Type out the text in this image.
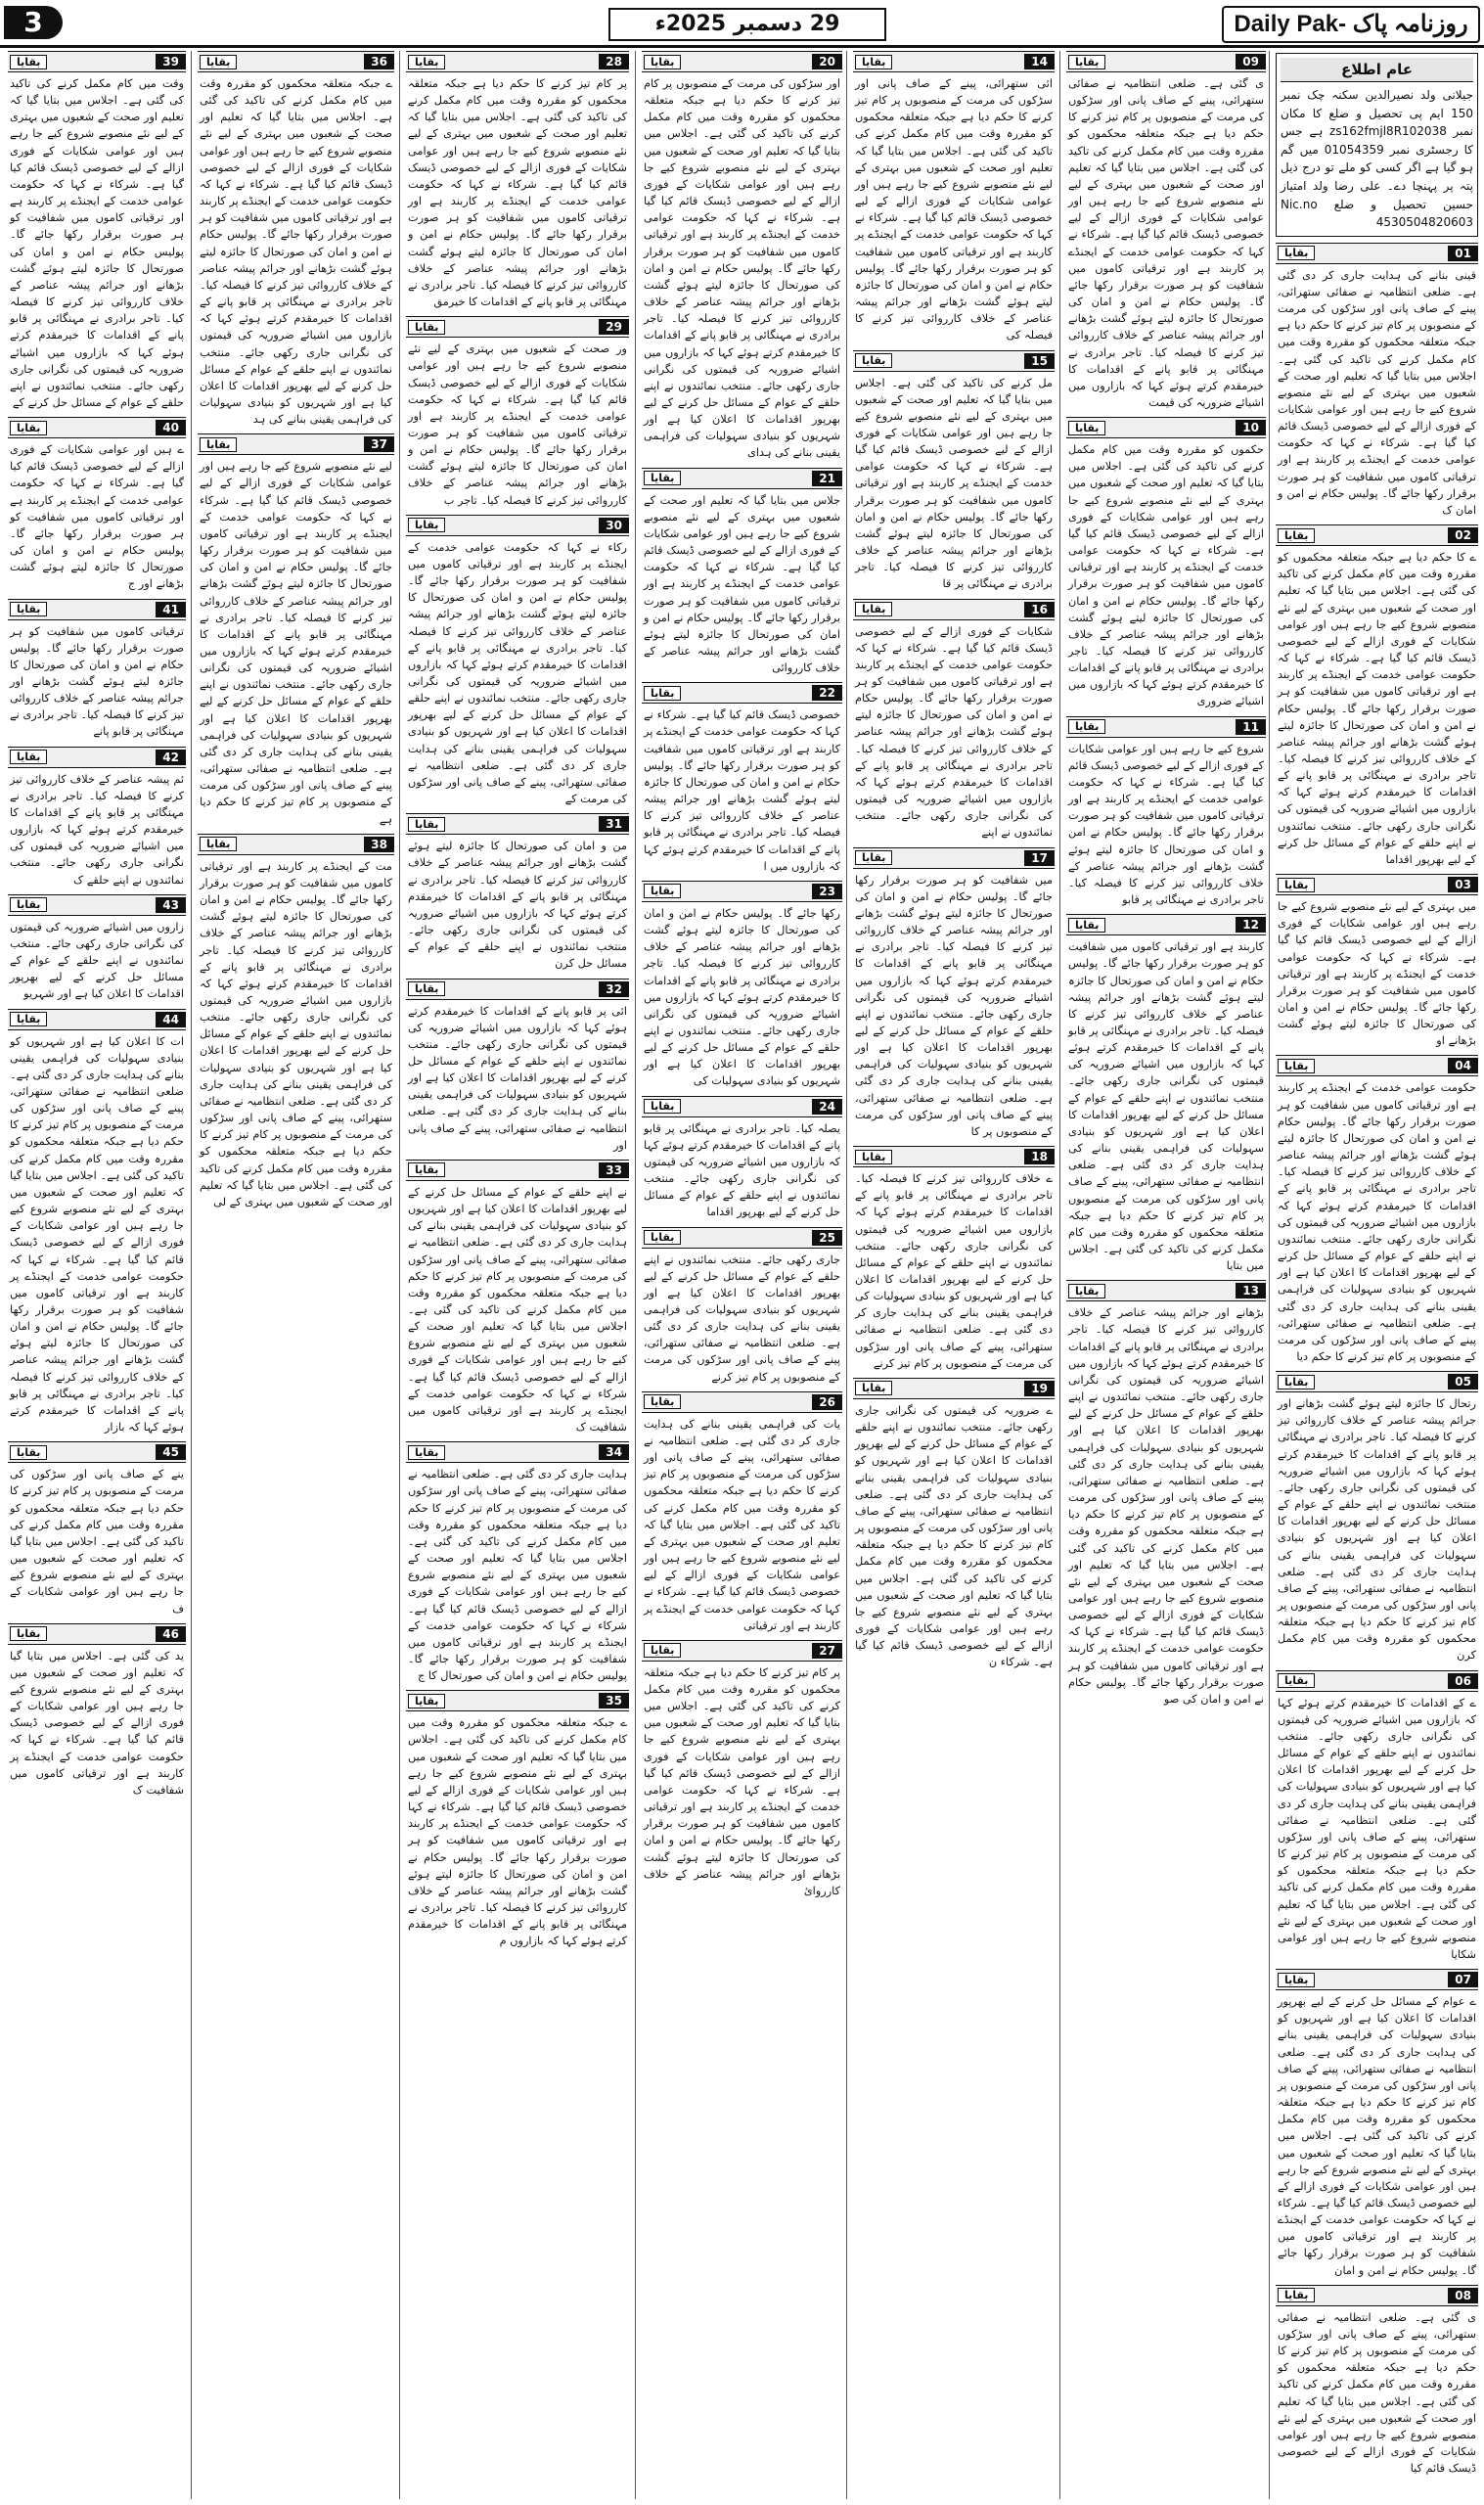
3	29 دسمبر 2025ء	Daily Pak- روزنامہ پاک
عام اطلاع
جیلانی ولد نصیرالدین سکنہ چک نمبر 150 ایم پی تحصیل و ضلع کا مکان نمبر zs162fmjl8R102038 ہے جس کا رجسٹری نمبر 01054359 میں گم ہو گیا ہے اگر کسی کو ملے تو درج ذیل پتہ پر پہنچا دے۔ علی رضا ولد امتیاز حسین تحصیل و ضلع Nic.no 4530504820603
01
بقایا
قینی بنانے کی ہدایت جاری کر دی گئی ہے۔ ضلعی انتظامیہ نے صفائی ستھرائی، پینے کے صاف پانی اور سڑکوں کی مرمت کے منصوبوں پر کام تیز کرنے کا حکم دیا ہے جبکہ متعلقہ محکموں کو مقررہ وقت میں کام مکمل کرنے کی تاکید کی گئی ہے۔ اجلاس میں بتایا گیا کہ تعلیم اور صحت کے شعبوں میں بہتری کے لیے نئے منصوبے شروع کیے جا رہے ہیں اور عوامی شکایات کے فوری ازالے کے لیے خصوصی ڈیسک قائم کیا گیا ہے۔ شرکاء نے کہا کہ حکومت عوامی خدمت کے ایجنڈے پر کاربند ہے اور ترقیاتی کاموں میں شفافیت کو ہر صورت برقرار رکھا جائے گا۔ پولیس حکام نے امن و امان ک
02
بقایا
ے کا حکم دیا ہے جبکہ متعلقہ محکموں کو مقررہ وقت میں کام مکمل کرنے کی تاکید کی گئی ہے۔ اجلاس میں بتایا گیا کہ تعلیم اور صحت کے شعبوں میں بہتری کے لیے نئے منصوبے شروع کیے جا رہے ہیں اور عوامی شکایات کے فوری ازالے کے لیے خصوصی ڈیسک قائم کیا گیا ہے۔ شرکاء نے کہا کہ حکومت عوامی خدمت کے ایجنڈے پر کاربند ہے اور ترقیاتی کاموں میں شفافیت کو ہر صورت برقرار رکھا جائے گا۔ پولیس حکام نے امن و امان کی صورتحال کا جائزہ لیتے ہوئے گشت بڑھانے اور جرائم پیشہ عناصر کے خلاف کارروائی تیز کرنے کا فیصلہ کیا۔ تاجر برادری نے مہنگائی پر قابو پانے کے اقدامات کا خیرمقدم کرتے ہوئے کہا کہ بازاروں میں اشیائے ضروریہ کی قیمتوں کی نگرانی جاری رکھی جائے۔ منتخب نمائندوں نے اپنے حلقے کے عوام کے مسائل حل کرنے کے لیے بھرپور اقداما
03
بقایا
میں بہتری کے لیے نئے منصوبے شروع کیے جا رہے ہیں اور عوامی شکایات کے فوری ازالے کے لیے خصوصی ڈیسک قائم کیا گیا ہے۔ شرکاء نے کہا کہ حکومت عوامی خدمت کے ایجنڈے پر کاربند ہے اور ترقیاتی کاموں میں شفافیت کو ہر صورت برقرار رکھا جائے گا۔ پولیس حکام نے امن و امان کی صورتحال کا جائزہ لیتے ہوئے گشت بڑھانے او
04
بقایا
حکومت عوامی خدمت کے ایجنڈے پر کاربند ہے اور ترقیاتی کاموں میں شفافیت کو ہر صورت برقرار رکھا جائے گا۔ پولیس حکام نے امن و امان کی صورتحال کا جائزہ لیتے ہوئے گشت بڑھانے اور جرائم پیشہ عناصر کے خلاف کارروائی تیز کرنے کا فیصلہ کیا۔ تاجر برادری نے مہنگائی پر قابو پانے کے اقدامات کا خیرمقدم کرتے ہوئے کہا کہ بازاروں میں اشیائے ضروریہ کی قیمتوں کی نگرانی جاری رکھی جائے۔ منتخب نمائندوں نے اپنے حلقے کے عوام کے مسائل حل کرنے کے لیے بھرپور اقدامات کا اعلان کیا ہے اور شہریوں کو بنیادی سہولیات کی فراہمی یقینی بنانے کی ہدایت جاری کر دی گئی ہے۔ ضلعی انتظامیہ نے صفائی ستھرائی، پینے کے صاف پانی اور سڑکوں کی مرمت کے منصوبوں پر کام تیز کرنے کا حکم دیا
05
بقایا
رتحال کا جائزہ لیتے ہوئے گشت بڑھانے اور جرائم پیشہ عناصر کے خلاف کارروائی تیز کرنے کا فیصلہ کیا۔ تاجر برادری نے مہنگائی پر قابو پانے کے اقدامات کا خیرمقدم کرتے ہوئے کہا کہ بازاروں میں اشیائے ضروریہ کی قیمتوں کی نگرانی جاری رکھی جائے۔ منتخب نمائندوں نے اپنے حلقے کے عوام کے مسائل حل کرنے کے لیے بھرپور اقدامات کا اعلان کیا ہے اور شہریوں کو بنیادی سہولیات کی فراہمی یقینی بنانے کی ہدایت جاری کر دی گئی ہے۔ ضلعی انتظامیہ نے صفائی ستھرائی، پینے کے صاف پانی اور سڑکوں کی مرمت کے منصوبوں پر کام تیز کرنے کا حکم دیا ہے جبکہ متعلقہ محکموں کو مقررہ وقت میں کام مکمل کرن
06
بقایا
ے کے اقدامات کا خیرمقدم کرتے ہوئے کہا کہ بازاروں میں اشیائے ضروریہ کی قیمتوں کی نگرانی جاری رکھی جائے۔ منتخب نمائندوں نے اپنے حلقے کے عوام کے مسائل حل کرنے کے لیے بھرپور اقدامات کا اعلان کیا ہے اور شہریوں کو بنیادی سہولیات کی فراہمی یقینی بنانے کی ہدایت جاری کر دی گئی ہے۔ ضلعی انتظامیہ نے صفائی ستھرائی، پینے کے صاف پانی اور سڑکوں کی مرمت کے منصوبوں پر کام تیز کرنے کا حکم دیا ہے جبکہ متعلقہ محکموں کو مقررہ وقت میں کام مکمل کرنے کی تاکید کی گئی ہے۔ اجلاس میں بتایا گیا کہ تعلیم اور صحت کے شعبوں میں بہتری کے لیے نئے منصوبے شروع کیے جا رہے ہیں اور عوامی شکایا
07
بقایا
ے عوام کے مسائل حل کرنے کے لیے بھرپور اقدامات کا اعلان کیا ہے اور شہریوں کو بنیادی سہولیات کی فراہمی یقینی بنانے کی ہدایت جاری کر دی گئی ہے۔ ضلعی انتظامیہ نے صفائی ستھرائی، پینے کے صاف پانی اور سڑکوں کی مرمت کے منصوبوں پر کام تیز کرنے کا حکم دیا ہے جبکہ متعلقہ محکموں کو مقررہ وقت میں کام مکمل کرنے کی تاکید کی گئی ہے۔ اجلاس میں بتایا گیا کہ تعلیم اور صحت کے شعبوں میں بہتری کے لیے نئے منصوبے شروع کیے جا رہے ہیں اور عوامی شکایات کے فوری ازالے کے لیے خصوصی ڈیسک قائم کیا گیا ہے۔ شرکاء نے کہا کہ حکومت عوامی خدمت کے ایجنڈے پر کاربند ہے اور ترقیاتی کاموں میں شفافیت کو ہر صورت برقرار رکھا جائے گا۔ پولیس حکام نے امن و امان
08
بقایا
ی گئی ہے۔ ضلعی انتظامیہ نے صفائی ستھرائی، پینے کے صاف پانی اور سڑکوں کی مرمت کے منصوبوں پر کام تیز کرنے کا حکم دیا ہے جبکہ متعلقہ محکموں کو مقررہ وقت میں کام مکمل کرنے کی تاکید کی گئی ہے۔ اجلاس میں بتایا گیا کہ تعلیم اور صحت کے شعبوں میں بہتری کے لیے نئے منصوبے شروع کیے جا رہے ہیں اور عوامی شکایات کے فوری ازالے کے لیے خصوصی ڈیسک قائم کیا
09
بقایا
ی گئی ہے۔ ضلعی انتظامیہ نے صفائی ستھرائی، پینے کے صاف پانی اور سڑکوں کی مرمت کے منصوبوں پر کام تیز کرنے کا حکم دیا ہے جبکہ متعلقہ محکموں کو مقررہ وقت میں کام مکمل کرنے کی تاکید کی گئی ہے۔ اجلاس میں بتایا گیا کہ تعلیم اور صحت کے شعبوں میں بہتری کے لیے نئے منصوبے شروع کیے جا رہے ہیں اور عوامی شکایات کے فوری ازالے کے لیے خصوصی ڈیسک قائم کیا گیا ہے۔ شرکاء نے کہا کہ حکومت عوامی خدمت کے ایجنڈے پر کاربند ہے اور ترقیاتی کاموں میں شفافیت کو ہر صورت برقرار رکھا جائے گا۔ پولیس حکام نے امن و امان کی صورتحال کا جائزہ لیتے ہوئے گشت بڑھانے اور جرائم پیشہ عناصر کے خلاف کارروائی تیز کرنے کا فیصلہ کیا۔ تاجر برادری نے مہنگائی پر قابو پانے کے اقدامات کا خیرمقدم کرتے ہوئے کہا کہ بازاروں میں اشیائے ضروریہ کی قیمت
10
بقایا
حکموں کو مقررہ وقت میں کام مکمل کرنے کی تاکید کی گئی ہے۔ اجلاس میں بتایا گیا کہ تعلیم اور صحت کے شعبوں میں بہتری کے لیے نئے منصوبے شروع کیے جا رہے ہیں اور عوامی شکایات کے فوری ازالے کے لیے خصوصی ڈیسک قائم کیا گیا ہے۔ شرکاء نے کہا کہ حکومت عوامی خدمت کے ایجنڈے پر کاربند ہے اور ترقیاتی کاموں میں شفافیت کو ہر صورت برقرار رکھا جائے گا۔ پولیس حکام نے امن و امان کی صورتحال کا جائزہ لیتے ہوئے گشت بڑھانے اور جرائم پیشہ عناصر کے خلاف کارروائی تیز کرنے کا فیصلہ کیا۔ تاجر برادری نے مہنگائی پر قابو پانے کے اقدامات کا خیرمقدم کرتے ہوئے کہا کہ بازاروں میں اشیائے ضروری
11
بقایا
شروع کیے جا رہے ہیں اور عوامی شکایات کے فوری ازالے کے لیے خصوصی ڈیسک قائم کیا گیا ہے۔ شرکاء نے کہا کہ حکومت عوامی خدمت کے ایجنڈے پر کاربند ہے اور ترقیاتی کاموں میں شفافیت کو ہر صورت برقرار رکھا جائے گا۔ پولیس حکام نے امن و امان کی صورتحال کا جائزہ لیتے ہوئے گشت بڑھانے اور جرائم پیشہ عناصر کے خلاف کارروائی تیز کرنے کا فیصلہ کیا۔ تاجر برادری نے مہنگائی پر قابو
12
بقایا
کاربند ہے اور ترقیاتی کاموں میں شفافیت کو ہر صورت برقرار رکھا جائے گا۔ پولیس حکام نے امن و امان کی صورتحال کا جائزہ لیتے ہوئے گشت بڑھانے اور جرائم پیشہ عناصر کے خلاف کارروائی تیز کرنے کا فیصلہ کیا۔ تاجر برادری نے مہنگائی پر قابو پانے کے اقدامات کا خیرمقدم کرتے ہوئے کہا کہ بازاروں میں اشیائے ضروریہ کی قیمتوں کی نگرانی جاری رکھی جائے۔ منتخب نمائندوں نے اپنے حلقے کے عوام کے مسائل حل کرنے کے لیے بھرپور اقدامات کا اعلان کیا ہے اور شہریوں کو بنیادی سہولیات کی فراہمی یقینی بنانے کی ہدایت جاری کر دی گئی ہے۔ ضلعی انتظامیہ نے صفائی ستھرائی، پینے کے صاف پانی اور سڑکوں کی مرمت کے منصوبوں پر کام تیز کرنے کا حکم دیا ہے جبکہ متعلقہ محکموں کو مقررہ وقت میں کام مکمل کرنے کی تاکید کی گئی ہے۔ اجلاس میں بتایا
13
بقایا
بڑھانے اور جرائم پیشہ عناصر کے خلاف کارروائی تیز کرنے کا فیصلہ کیا۔ تاجر برادری نے مہنگائی پر قابو پانے کے اقدامات کا خیرمقدم کرتے ہوئے کہا کہ بازاروں میں اشیائے ضروریہ کی قیمتوں کی نگرانی جاری رکھی جائے۔ منتخب نمائندوں نے اپنے حلقے کے عوام کے مسائل حل کرنے کے لیے بھرپور اقدامات کا اعلان کیا ہے اور شہریوں کو بنیادی سہولیات کی فراہمی یقینی بنانے کی ہدایت جاری کر دی گئی ہے۔ ضلعی انتظامیہ نے صفائی ستھرائی، پینے کے صاف پانی اور سڑکوں کی مرمت کے منصوبوں پر کام تیز کرنے کا حکم دیا ہے جبکہ متعلقہ محکموں کو مقررہ وقت میں کام مکمل کرنے کی تاکید کی گئی ہے۔ اجلاس میں بتایا گیا کہ تعلیم اور صحت کے شعبوں میں بہتری کے لیے نئے منصوبے شروع کیے جا رہے ہیں اور عوامی شکایات کے فوری ازالے کے لیے خصوصی ڈیسک قائم کیا گیا ہے۔ شرکاء نے کہا کہ حکومت عوامی خدمت کے ایجنڈے پر کاربند ہے اور ترقیاتی کاموں میں شفافیت کو ہر صورت برقرار رکھا جائے گا۔ پولیس حکام نے امن و امان کی صو
14
بقایا
ائی ستھرائی، پینے کے صاف پانی اور سڑکوں کی مرمت کے منصوبوں پر کام تیز کرنے کا حکم دیا ہے جبکہ متعلقہ محکموں کو مقررہ وقت میں کام مکمل کرنے کی تاکید کی گئی ہے۔ اجلاس میں بتایا گیا کہ تعلیم اور صحت کے شعبوں میں بہتری کے لیے نئے منصوبے شروع کیے جا رہے ہیں اور عوامی شکایات کے فوری ازالے کے لیے خصوصی ڈیسک قائم کیا گیا ہے۔ شرکاء نے کہا کہ حکومت عوامی خدمت کے ایجنڈے پر کاربند ہے اور ترقیاتی کاموں میں شفافیت کو ہر صورت برقرار رکھا جائے گا۔ پولیس حکام نے امن و امان کی صورتحال کا جائزہ لیتے ہوئے گشت بڑھانے اور جرائم پیشہ عناصر کے خلاف کارروائی تیز کرنے کا فیصلہ کی
15
بقایا
مل کرنے کی تاکید کی گئی ہے۔ اجلاس میں بتایا گیا کہ تعلیم اور صحت کے شعبوں میں بہتری کے لیے نئے منصوبے شروع کیے جا رہے ہیں اور عوامی شکایات کے فوری ازالے کے لیے خصوصی ڈیسک قائم کیا گیا ہے۔ شرکاء نے کہا کہ حکومت عوامی خدمت کے ایجنڈے پر کاربند ہے اور ترقیاتی کاموں میں شفافیت کو ہر صورت برقرار رکھا جائے گا۔ پولیس حکام نے امن و امان کی صورتحال کا جائزہ لیتے ہوئے گشت بڑھانے اور جرائم پیشہ عناصر کے خلاف کارروائی تیز کرنے کا فیصلہ کیا۔ تاجر برادری نے مہنگائی پر قا
16
بقایا
شکایات کے فوری ازالے کے لیے خصوصی ڈیسک قائم کیا گیا ہے۔ شرکاء نے کہا کہ حکومت عوامی خدمت کے ایجنڈے پر کاربند ہے اور ترقیاتی کاموں میں شفافیت کو ہر صورت برقرار رکھا جائے گا۔ پولیس حکام نے امن و امان کی صورتحال کا جائزہ لیتے ہوئے گشت بڑھانے اور جرائم پیشہ عناصر کے خلاف کارروائی تیز کرنے کا فیصلہ کیا۔ تاجر برادری نے مہنگائی پر قابو پانے کے اقدامات کا خیرمقدم کرتے ہوئے کہا کہ بازاروں میں اشیائے ضروریہ کی قیمتوں کی نگرانی جاری رکھی جائے۔ منتخب نمائندوں نے اپنے
17
بقایا
میں شفافیت کو ہر صورت برقرار رکھا جائے گا۔ پولیس حکام نے امن و امان کی صورتحال کا جائزہ لیتے ہوئے گشت بڑھانے اور جرائم پیشہ عناصر کے خلاف کارروائی تیز کرنے کا فیصلہ کیا۔ تاجر برادری نے مہنگائی پر قابو پانے کے اقدامات کا خیرمقدم کرتے ہوئے کہا کہ بازاروں میں اشیائے ضروریہ کی قیمتوں کی نگرانی جاری رکھی جائے۔ منتخب نمائندوں نے اپنے حلقے کے عوام کے مسائل حل کرنے کے لیے بھرپور اقدامات کا اعلان کیا ہے اور شہریوں کو بنیادی سہولیات کی فراہمی یقینی بنانے کی ہدایت جاری کر دی گئی ہے۔ ضلعی انتظامیہ نے صفائی ستھرائی، پینے کے صاف پانی اور سڑکوں کی مرمت کے منصوبوں پر کا
18
بقایا
ے خلاف کارروائی تیز کرنے کا فیصلہ کیا۔ تاجر برادری نے مہنگائی پر قابو پانے کے اقدامات کا خیرمقدم کرتے ہوئے کہا کہ بازاروں میں اشیائے ضروریہ کی قیمتوں کی نگرانی جاری رکھی جائے۔ منتخب نمائندوں نے اپنے حلقے کے عوام کے مسائل حل کرنے کے لیے بھرپور اقدامات کا اعلان کیا ہے اور شہریوں کو بنیادی سہولیات کی فراہمی یقینی بنانے کی ہدایت جاری کر دی گئی ہے۔ ضلعی انتظامیہ نے صفائی ستھرائی، پینے کے صاف پانی اور سڑکوں کی مرمت کے منصوبوں پر کام تیز کرنے
19
بقایا
ے ضروریہ کی قیمتوں کی نگرانی جاری رکھی جائے۔ منتخب نمائندوں نے اپنے حلقے کے عوام کے مسائل حل کرنے کے لیے بھرپور اقدامات کا اعلان کیا ہے اور شہریوں کو بنیادی سہولیات کی فراہمی یقینی بنانے کی ہدایت جاری کر دی گئی ہے۔ ضلعی انتظامیہ نے صفائی ستھرائی، پینے کے صاف پانی اور سڑکوں کی مرمت کے منصوبوں پر کام تیز کرنے کا حکم دیا ہے جبکہ متعلقہ محکموں کو مقررہ وقت میں کام مکمل کرنے کی تاکید کی گئی ہے۔ اجلاس میں بتایا گیا کہ تعلیم اور صحت کے شعبوں میں بہتری کے لیے نئے منصوبے شروع کیے جا رہے ہیں اور عوامی شکایات کے فوری ازالے کے لیے خصوصی ڈیسک قائم کیا گیا ہے۔ شرکاء ن
20
بقایا
اور سڑکوں کی مرمت کے منصوبوں پر کام تیز کرنے کا حکم دیا ہے جبکہ متعلقہ محکموں کو مقررہ وقت میں کام مکمل کرنے کی تاکید کی گئی ہے۔ اجلاس میں بتایا گیا کہ تعلیم اور صحت کے شعبوں میں بہتری کے لیے نئے منصوبے شروع کیے جا رہے ہیں اور عوامی شکایات کے فوری ازالے کے لیے خصوصی ڈیسک قائم کیا گیا ہے۔ شرکاء نے کہا کہ حکومت عوامی خدمت کے ایجنڈے پر کاربند ہے اور ترقیاتی کاموں میں شفافیت کو ہر صورت برقرار رکھا جائے گا۔ پولیس حکام نے امن و امان کی صورتحال کا جائزہ لیتے ہوئے گشت بڑھانے اور جرائم پیشہ عناصر کے خلاف کارروائی تیز کرنے کا فیصلہ کیا۔ تاجر برادری نے مہنگائی پر قابو پانے کے اقدامات کا خیرمقدم کرتے ہوئے کہا کہ بازاروں میں اشیائے ضروریہ کی قیمتوں کی نگرانی جاری رکھی جائے۔ منتخب نمائندوں نے اپنے حلقے کے عوام کے مسائل حل کرنے کے لیے بھرپور اقدامات کا اعلان کیا ہے اور شہریوں کو بنیادی سہولیات کی فراہمی یقینی بنانے کی ہدای
21
بقایا
جلاس میں بتایا گیا کہ تعلیم اور صحت کے شعبوں میں بہتری کے لیے نئے منصوبے شروع کیے جا رہے ہیں اور عوامی شکایات کے فوری ازالے کے لیے خصوصی ڈیسک قائم کیا گیا ہے۔ شرکاء نے کہا کہ حکومت عوامی خدمت کے ایجنڈے پر کاربند ہے اور ترقیاتی کاموں میں شفافیت کو ہر صورت برقرار رکھا جائے گا۔ پولیس حکام نے امن و امان کی صورتحال کا جائزہ لیتے ہوئے گشت بڑھانے اور جرائم پیشہ عناصر کے خلاف کارروائی
22
بقایا
خصوصی ڈیسک قائم کیا گیا ہے۔ شرکاء نے کہا کہ حکومت عوامی خدمت کے ایجنڈے پر کاربند ہے اور ترقیاتی کاموں میں شفافیت کو ہر صورت برقرار رکھا جائے گا۔ پولیس حکام نے امن و امان کی صورتحال کا جائزہ لیتے ہوئے گشت بڑھانے اور جرائم پیشہ عناصر کے خلاف کارروائی تیز کرنے کا فیصلہ کیا۔ تاجر برادری نے مہنگائی پر قابو پانے کے اقدامات کا خیرمقدم کرتے ہوئے کہا کہ بازاروں میں ا
23
بقایا
رکھا جائے گا۔ پولیس حکام نے امن و امان کی صورتحال کا جائزہ لیتے ہوئے گشت بڑھانے اور جرائم پیشہ عناصر کے خلاف کارروائی تیز کرنے کا فیصلہ کیا۔ تاجر برادری نے مہنگائی پر قابو پانے کے اقدامات کا خیرمقدم کرتے ہوئے کہا کہ بازاروں میں اشیائے ضروریہ کی قیمتوں کی نگرانی جاری رکھی جائے۔ منتخب نمائندوں نے اپنے حلقے کے عوام کے مسائل حل کرنے کے لیے بھرپور اقدامات کا اعلان کیا ہے اور شہریوں کو بنیادی سہولیات کی
24
بقایا
یصلہ کیا۔ تاجر برادری نے مہنگائی پر قابو پانے کے اقدامات کا خیرمقدم کرتے ہوئے کہا کہ بازاروں میں اشیائے ضروریہ کی قیمتوں کی نگرانی جاری رکھی جائے۔ منتخب نمائندوں نے اپنے حلقے کے عوام کے مسائل حل کرنے کے لیے بھرپور اقداما
25
بقایا
جاری رکھی جائے۔ منتخب نمائندوں نے اپنے حلقے کے عوام کے مسائل حل کرنے کے لیے بھرپور اقدامات کا اعلان کیا ہے اور شہریوں کو بنیادی سہولیات کی فراہمی یقینی بنانے کی ہدایت جاری کر دی گئی ہے۔ ضلعی انتظامیہ نے صفائی ستھرائی، پینے کے صاف پانی اور سڑکوں کی مرمت کے منصوبوں پر کام تیز کرنے
26
بقایا
یات کی فراہمی یقینی بنانے کی ہدایت جاری کر دی گئی ہے۔ ضلعی انتظامیہ نے صفائی ستھرائی، پینے کے صاف پانی اور سڑکوں کی مرمت کے منصوبوں پر کام تیز کرنے کا حکم دیا ہے جبکہ متعلقہ محکموں کو مقررہ وقت میں کام مکمل کرنے کی تاکید کی گئی ہے۔ اجلاس میں بتایا گیا کہ تعلیم اور صحت کے شعبوں میں بہتری کے لیے نئے منصوبے شروع کیے جا رہے ہیں اور عوامی شکایات کے فوری ازالے کے لیے خصوصی ڈیسک قائم کیا گیا ہے۔ شرکاء نے کہا کہ حکومت عوامی خدمت کے ایجنڈے پر کاربند ہے اور ترقیاتی
27
بقایا
پر کام تیز کرنے کا حکم دیا ہے جبکہ متعلقہ محکموں کو مقررہ وقت میں کام مکمل کرنے کی تاکید کی گئی ہے۔ اجلاس میں بتایا گیا کہ تعلیم اور صحت کے شعبوں میں بہتری کے لیے نئے منصوبے شروع کیے جا رہے ہیں اور عوامی شکایات کے فوری ازالے کے لیے خصوصی ڈیسک قائم کیا گیا ہے۔ شرکاء نے کہا کہ حکومت عوامی خدمت کے ایجنڈے پر کاربند ہے اور ترقیاتی کاموں میں شفافیت کو ہر صورت برقرار رکھا جائے گا۔ پولیس حکام نے امن و امان کی صورتحال کا جائزہ لیتے ہوئے گشت بڑھانے اور جرائم پیشہ عناصر کے خلاف کارروائ
28
بقایا
پر کام تیز کرنے کا حکم دیا ہے جبکہ متعلقہ محکموں کو مقررہ وقت میں کام مکمل کرنے کی تاکید کی گئی ہے۔ اجلاس میں بتایا گیا کہ تعلیم اور صحت کے شعبوں میں بہتری کے لیے نئے منصوبے شروع کیے جا رہے ہیں اور عوامی شکایات کے فوری ازالے کے لیے خصوصی ڈیسک قائم کیا گیا ہے۔ شرکاء نے کہا کہ حکومت عوامی خدمت کے ایجنڈے پر کاربند ہے اور ترقیاتی کاموں میں شفافیت کو ہر صورت برقرار رکھا جائے گا۔ پولیس حکام نے امن و امان کی صورتحال کا جائزہ لیتے ہوئے گشت بڑھانے اور جرائم پیشہ عناصر کے خلاف کارروائی تیز کرنے کا فیصلہ کیا۔ تاجر برادری نے مہنگائی پر قابو پانے کے اقدامات کا خیرمق
29
بقایا
ور صحت کے شعبوں میں بہتری کے لیے نئے منصوبے شروع کیے جا رہے ہیں اور عوامی شکایات کے فوری ازالے کے لیے خصوصی ڈیسک قائم کیا گیا ہے۔ شرکاء نے کہا کہ حکومت عوامی خدمت کے ایجنڈے پر کاربند ہے اور ترقیاتی کاموں میں شفافیت کو ہر صورت برقرار رکھا جائے گا۔ پولیس حکام نے امن و امان کی صورتحال کا جائزہ لیتے ہوئے گشت بڑھانے اور جرائم پیشہ عناصر کے خلاف کارروائی تیز کرنے کا فیصلہ کیا۔ تاجر ب
30
بقایا
رکاء نے کہا کہ حکومت عوامی خدمت کے ایجنڈے پر کاربند ہے اور ترقیاتی کاموں میں شفافیت کو ہر صورت برقرار رکھا جائے گا۔ پولیس حکام نے امن و امان کی صورتحال کا جائزہ لیتے ہوئے گشت بڑھانے اور جرائم پیشہ عناصر کے خلاف کارروائی تیز کرنے کا فیصلہ کیا۔ تاجر برادری نے مہنگائی پر قابو پانے کے اقدامات کا خیرمقدم کرتے ہوئے کہا کہ بازاروں میں اشیائے ضروریہ کی قیمتوں کی نگرانی جاری رکھی جائے۔ منتخب نمائندوں نے اپنے حلقے کے عوام کے مسائل حل کرنے کے لیے بھرپور اقدامات کا اعلان کیا ہے اور شہریوں کو بنیادی سہولیات کی فراہمی یقینی بنانے کی ہدایت جاری کر دی گئی ہے۔ ضلعی انتظامیہ نے صفائی ستھرائی، پینے کے صاف پانی اور سڑکوں کی مرمت کے
31
بقایا
من و امان کی صورتحال کا جائزہ لیتے ہوئے گشت بڑھانے اور جرائم پیشہ عناصر کے خلاف کارروائی تیز کرنے کا فیصلہ کیا۔ تاجر برادری نے مہنگائی پر قابو پانے کے اقدامات کا خیرمقدم کرتے ہوئے کہا کہ بازاروں میں اشیائے ضروریہ کی قیمتوں کی نگرانی جاری رکھی جائے۔ منتخب نمائندوں نے اپنے حلقے کے عوام کے مسائل حل کرن
32
بقایا
ائی پر قابو پانے کے اقدامات کا خیرمقدم کرتے ہوئے کہا کہ بازاروں میں اشیائے ضروریہ کی قیمتوں کی نگرانی جاری رکھی جائے۔ منتخب نمائندوں نے اپنے حلقے کے عوام کے مسائل حل کرنے کے لیے بھرپور اقدامات کا اعلان کیا ہے اور شہریوں کو بنیادی سہولیات کی فراہمی یقینی بنانے کی ہدایت جاری کر دی گئی ہے۔ ضلعی انتظامیہ نے صفائی ستھرائی، پینے کے صاف پانی اور
33
بقایا
نے اپنے حلقے کے عوام کے مسائل حل کرنے کے لیے بھرپور اقدامات کا اعلان کیا ہے اور شہریوں کو بنیادی سہولیات کی فراہمی یقینی بنانے کی ہدایت جاری کر دی گئی ہے۔ ضلعی انتظامیہ نے صفائی ستھرائی، پینے کے صاف پانی اور سڑکوں کی مرمت کے منصوبوں پر کام تیز کرنے کا حکم دیا ہے جبکہ متعلقہ محکموں کو مقررہ وقت میں کام مکمل کرنے کی تاکید کی گئی ہے۔ اجلاس میں بتایا گیا کہ تعلیم اور صحت کے شعبوں میں بہتری کے لیے نئے منصوبے شروع کیے جا رہے ہیں اور عوامی شکایات کے فوری ازالے کے لیے خصوصی ڈیسک قائم کیا گیا ہے۔ شرکاء نے کہا کہ حکومت عوامی خدمت کے ایجنڈے پر کاربند ہے اور ترقیاتی کاموں میں شفافیت ک
34
بقایا
ہدایت جاری کر دی گئی ہے۔ ضلعی انتظامیہ نے صفائی ستھرائی، پینے کے صاف پانی اور سڑکوں کی مرمت کے منصوبوں پر کام تیز کرنے کا حکم دیا ہے جبکہ متعلقہ محکموں کو مقررہ وقت میں کام مکمل کرنے کی تاکید کی گئی ہے۔ اجلاس میں بتایا گیا کہ تعلیم اور صحت کے شعبوں میں بہتری کے لیے نئے منصوبے شروع کیے جا رہے ہیں اور عوامی شکایات کے فوری ازالے کے لیے خصوصی ڈیسک قائم کیا گیا ہے۔ شرکاء نے کہا کہ حکومت عوامی خدمت کے ایجنڈے پر کاربند ہے اور ترقیاتی کاموں میں شفافیت کو ہر صورت برقرار رکھا جائے گا۔ پولیس حکام نے امن و امان کی صورتحال کا ج
35
بقایا
ے جبکہ متعلقہ محکموں کو مقررہ وقت میں کام مکمل کرنے کی تاکید کی گئی ہے۔ اجلاس میں بتایا گیا کہ تعلیم اور صحت کے شعبوں میں بہتری کے لیے نئے منصوبے شروع کیے جا رہے ہیں اور عوامی شکایات کے فوری ازالے کے لیے خصوصی ڈیسک قائم کیا گیا ہے۔ شرکاء نے کہا کہ حکومت عوامی خدمت کے ایجنڈے پر کاربند ہے اور ترقیاتی کاموں میں شفافیت کو ہر صورت برقرار رکھا جائے گا۔ پولیس حکام نے امن و امان کی صورتحال کا جائزہ لیتے ہوئے گشت بڑھانے اور جرائم پیشہ عناصر کے خلاف کارروائی تیز کرنے کا فیصلہ کیا۔ تاجر برادری نے مہنگائی پر قابو پانے کے اقدامات کا خیرمقدم کرتے ہوئے کہا کہ بازاروں م
36
بقایا
ے جبکہ متعلقہ محکموں کو مقررہ وقت میں کام مکمل کرنے کی تاکید کی گئی ہے۔ اجلاس میں بتایا گیا کہ تعلیم اور صحت کے شعبوں میں بہتری کے لیے نئے منصوبے شروع کیے جا رہے ہیں اور عوامی شکایات کے فوری ازالے کے لیے خصوصی ڈیسک قائم کیا گیا ہے۔ شرکاء نے کہا کہ حکومت عوامی خدمت کے ایجنڈے پر کاربند ہے اور ترقیاتی کاموں میں شفافیت کو ہر صورت برقرار رکھا جائے گا۔ پولیس حکام نے امن و امان کی صورتحال کا جائزہ لیتے ہوئے گشت بڑھانے اور جرائم پیشہ عناصر کے خلاف کارروائی تیز کرنے کا فیصلہ کیا۔ تاجر برادری نے مہنگائی پر قابو پانے کے اقدامات کا خیرمقدم کرتے ہوئے کہا کہ بازاروں میں اشیائے ضروریہ کی قیمتوں کی نگرانی جاری رکھی جائے۔ منتخب نمائندوں نے اپنے حلقے کے عوام کے مسائل حل کرنے کے لیے بھرپور اقدامات کا اعلان کیا ہے اور شہریوں کو بنیادی سہولیات کی فراہمی یقینی بنانے کی ہد
37
بقایا
لیے نئے منصوبے شروع کیے جا رہے ہیں اور عوامی شکایات کے فوری ازالے کے لیے خصوصی ڈیسک قائم کیا گیا ہے۔ شرکاء نے کہا کہ حکومت عوامی خدمت کے ایجنڈے پر کاربند ہے اور ترقیاتی کاموں میں شفافیت کو ہر صورت برقرار رکھا جائے گا۔ پولیس حکام نے امن و امان کی صورتحال کا جائزہ لیتے ہوئے گشت بڑھانے اور جرائم پیشہ عناصر کے خلاف کارروائی تیز کرنے کا فیصلہ کیا۔ تاجر برادری نے مہنگائی پر قابو پانے کے اقدامات کا خیرمقدم کرتے ہوئے کہا کہ بازاروں میں اشیائے ضروریہ کی قیمتوں کی نگرانی جاری رکھی جائے۔ منتخب نمائندوں نے اپنے حلقے کے عوام کے مسائل حل کرنے کے لیے بھرپور اقدامات کا اعلان کیا ہے اور شہریوں کو بنیادی سہولیات کی فراہمی یقینی بنانے کی ہدایت جاری کر دی گئی ہے۔ ضلعی انتظامیہ نے صفائی ستھرائی، پینے کے صاف پانی اور سڑکوں کی مرمت کے منصوبوں پر کام تیز کرنے کا حکم دیا ہے
38
بقایا
مت کے ایجنڈے پر کاربند ہے اور ترقیاتی کاموں میں شفافیت کو ہر صورت برقرار رکھا جائے گا۔ پولیس حکام نے امن و امان کی صورتحال کا جائزہ لیتے ہوئے گشت بڑھانے اور جرائم پیشہ عناصر کے خلاف کارروائی تیز کرنے کا فیصلہ کیا۔ تاجر برادری نے مہنگائی پر قابو پانے کے اقدامات کا خیرمقدم کرتے ہوئے کہا کہ بازاروں میں اشیائے ضروریہ کی قیمتوں کی نگرانی جاری رکھی جائے۔ منتخب نمائندوں نے اپنے حلقے کے عوام کے مسائل حل کرنے کے لیے بھرپور اقدامات کا اعلان کیا ہے اور شہریوں کو بنیادی سہولیات کی فراہمی یقینی بنانے کی ہدایت جاری کر دی گئی ہے۔ ضلعی انتظامیہ نے صفائی ستھرائی، پینے کے صاف پانی اور سڑکوں کی مرمت کے منصوبوں پر کام تیز کرنے کا حکم دیا ہے جبکہ متعلقہ محکموں کو مقررہ وقت میں کام مکمل کرنے کی تاکید کی گئی ہے۔ اجلاس میں بتایا گیا کہ تعلیم اور صحت کے شعبوں میں بہتری کے لی
39
بقایا
وقت میں کام مکمل کرنے کی تاکید کی گئی ہے۔ اجلاس میں بتایا گیا کہ تعلیم اور صحت کے شعبوں میں بہتری کے لیے نئے منصوبے شروع کیے جا رہے ہیں اور عوامی شکایات کے فوری ازالے کے لیے خصوصی ڈیسک قائم کیا گیا ہے۔ شرکاء نے کہا کہ حکومت عوامی خدمت کے ایجنڈے پر کاربند ہے اور ترقیاتی کاموں میں شفافیت کو ہر صورت برقرار رکھا جائے گا۔ پولیس حکام نے امن و امان کی صورتحال کا جائزہ لیتے ہوئے گشت بڑھانے اور جرائم پیشہ عناصر کے خلاف کارروائی تیز کرنے کا فیصلہ کیا۔ تاجر برادری نے مہنگائی پر قابو پانے کے اقدامات کا خیرمقدم کرتے ہوئے کہا کہ بازاروں میں اشیائے ضروریہ کی قیمتوں کی نگرانی جاری رکھی جائے۔ منتخب نمائندوں نے اپنے حلقے کے عوام کے مسائل حل کرنے کے
40
بقایا
ے ہیں اور عوامی شکایات کے فوری ازالے کے لیے خصوصی ڈیسک قائم کیا گیا ہے۔ شرکاء نے کہا کہ حکومت عوامی خدمت کے ایجنڈے پر کاربند ہے اور ترقیاتی کاموں میں شفافیت کو ہر صورت برقرار رکھا جائے گا۔ پولیس حکام نے امن و امان کی صورتحال کا جائزہ لیتے ہوئے گشت بڑھانے اور ج
41
بقایا
ترقیاتی کاموں میں شفافیت کو ہر صورت برقرار رکھا جائے گا۔ پولیس حکام نے امن و امان کی صورتحال کا جائزہ لیتے ہوئے گشت بڑھانے اور جرائم پیشہ عناصر کے خلاف کارروائی تیز کرنے کا فیصلہ کیا۔ تاجر برادری نے مہنگائی پر قابو پانے
42
بقایا
ئم پیشہ عناصر کے خلاف کارروائی تیز کرنے کا فیصلہ کیا۔ تاجر برادری نے مہنگائی پر قابو پانے کے اقدامات کا خیرمقدم کرتے ہوئے کہا کہ بازاروں میں اشیائے ضروریہ کی قیمتوں کی نگرانی جاری رکھی جائے۔ منتخب نمائندوں نے اپنے حلقے ک
43
بقایا
زاروں میں اشیائے ضروریہ کی قیمتوں کی نگرانی جاری رکھی جائے۔ منتخب نمائندوں نے اپنے حلقے کے عوام کے مسائل حل کرنے کے لیے بھرپور اقدامات کا اعلان کیا ہے اور شہریو
44
بقایا
ات کا اعلان کیا ہے اور شہریوں کو بنیادی سہولیات کی فراہمی یقینی بنانے کی ہدایت جاری کر دی گئی ہے۔ ضلعی انتظامیہ نے صفائی ستھرائی، پینے کے صاف پانی اور سڑکوں کی مرمت کے منصوبوں پر کام تیز کرنے کا حکم دیا ہے جبکہ متعلقہ محکموں کو مقررہ وقت میں کام مکمل کرنے کی تاکید کی گئی ہے۔ اجلاس میں بتایا گیا کہ تعلیم اور صحت کے شعبوں میں بہتری کے لیے نئے منصوبے شروع کیے جا رہے ہیں اور عوامی شکایات کے فوری ازالے کے لیے خصوصی ڈیسک قائم کیا گیا ہے۔ شرکاء نے کہا کہ حکومت عوامی خدمت کے ایجنڈے پر کاربند ہے اور ترقیاتی کاموں میں شفافیت کو ہر صورت برقرار رکھا جائے گا۔ پولیس حکام نے امن و امان کی صورتحال کا جائزہ لیتے ہوئے گشت بڑھانے اور جرائم پیشہ عناصر کے خلاف کارروائی تیز کرنے کا فیصلہ کیا۔ تاجر برادری نے مہنگائی پر قابو پانے کے اقدامات کا خیرمقدم کرتے ہوئے کہا کہ بازار
45
بقایا
ینے کے صاف پانی اور سڑکوں کی مرمت کے منصوبوں پر کام تیز کرنے کا حکم دیا ہے جبکہ متعلقہ محکموں کو مقررہ وقت میں کام مکمل کرنے کی تاکید کی گئی ہے۔ اجلاس میں بتایا گیا کہ تعلیم اور صحت کے شعبوں میں بہتری کے لیے نئے منصوبے شروع کیے جا رہے ہیں اور عوامی شکایات کے ف
46
بقایا
ید کی گئی ہے۔ اجلاس میں بتایا گیا کہ تعلیم اور صحت کے شعبوں میں بہتری کے لیے نئے منصوبے شروع کیے جا رہے ہیں اور عوامی شکایات کے فوری ازالے کے لیے خصوصی ڈیسک قائم کیا گیا ہے۔ شرکاء نے کہا کہ حکومت عوامی خدمت کے ایجنڈے پر کاربند ہے اور ترقیاتی کاموں میں شفافیت ک
